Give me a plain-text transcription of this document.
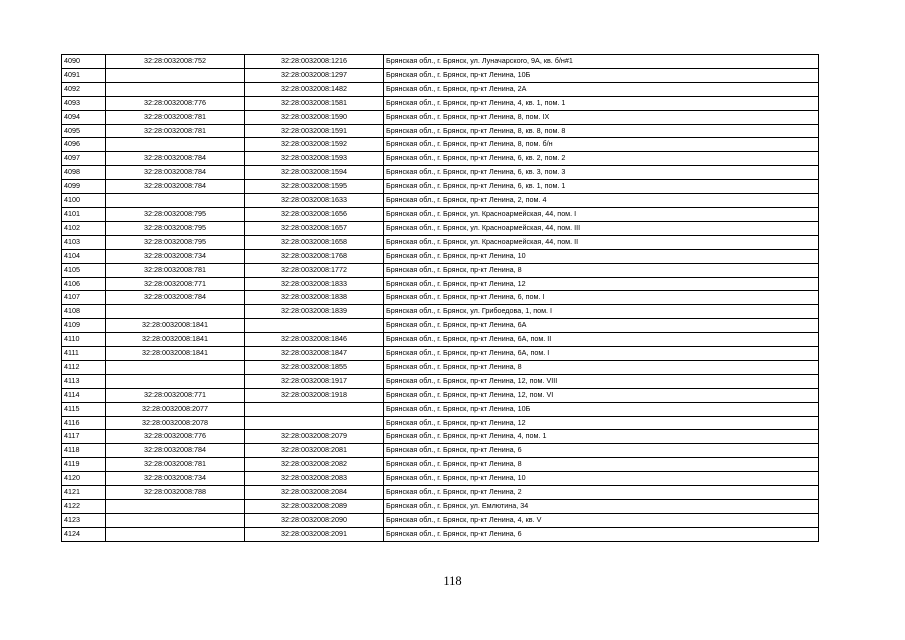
4090	32:28:0032008:752	32:28:0032008:1216	Брянская обл., г. Брянск, ул. Луначарского, 9А, кв. б/н#1
4091		32:28:0032008:1297	Брянская обл., г. Брянск, пр-кт Ленина, 10Б
4092		32:28:0032008:1482	Брянская обл., г. Брянск, пр-кт Ленина, 2А
4093	32:28:0032008:776	32:28:0032008:1581	Брянская обл., г. Брянск, пр-кт Ленина, 4, кв. 1, пом. 1
4094	32:28:0032008:781	32:28:0032008:1590	Брянская обл., г. Брянск, пр-кт Ленина, 8, пом. IX
4095	32:28:0032008:781	32:28:0032008:1591	Брянская обл., г. Брянск, пр-кт Ленина, 8, кв. 8, пом. 8
4096		32:28:0032008:1592	Брянская обл., г. Брянск, пр-кт Ленина, 8, пом. б/н
4097	32:28:0032008:784	32:28:0032008:1593	Брянская обл., г. Брянск, пр-кт Ленина, 6, кв. 2, пом. 2
4098	32:28:0032008:784	32:28:0032008:1594	Брянская обл., г. Брянск, пр-кт Ленина, 6, кв. 3, пом. 3
4099	32:28:0032008:784	32:28:0032008:1595	Брянская обл., г. Брянск, пр-кт Ленина, 6, кв. 1, пом. 1
4100		32:28:0032008:1633	Брянская обл., г. Брянск, пр-кт Ленина, 2, пом. 4
4101	32:28:0032008:795	32:28:0032008:1656	Брянская обл., г. Брянск, ул. Красноармейская, 44, пом. I
4102	32:28:0032008:795	32:28:0032008:1657	Брянская обл., г. Брянск, ул. Красноармейская, 44, пом. III
4103	32:28:0032008:795	32:28:0032008:1658	Брянская обл., г. Брянск, ул. Красноармейская, 44, пом. II
4104	32:28:0032008:734	32:28:0032008:1768	Брянская обл., г. Брянск, пр-кт Ленина, 10
4105	32:28:0032008:781	32:28:0032008:1772	Брянская обл., г. Брянск, пр-кт Ленина, 8
4106	32:28:0032008:771	32:28:0032008:1833	Брянская обл., г. Брянск, пр-кт Ленина, 12
4107	32:28:0032008:784	32:28:0032008:1838	Брянская обл., г. Брянск, пр-кт Ленина, 6, пом. I
4108		32:28:0032008:1839	Брянская обл., г. Брянск, ул. Грибоедова, 1, пом. I
4109	32:28:0032008:1841		Брянская обл., г. Брянск, пр-кт Ленина, 6А
4110	32:28:0032008:1841	32:28:0032008:1846	Брянская обл., г. Брянск, пр-кт Ленина, 6А, пом. II
4111	32:28:0032008:1841	32:28:0032008:1847	Брянская обл., г. Брянск, пр-кт Ленина, 6А, пом. I
4112		32:28:0032008:1855	Брянская обл., г. Брянск, пр-кт Ленина, 8
4113		32:28:0032008:1917	Брянская обл., г. Брянск, пр-кт Ленина, 12, пом. VIII
4114	32:28:0032008:771	32:28:0032008:1918	Брянская обл., г. Брянск, пр-кт Ленина, 12, пом. VI
4115	32:28:0032008:2077		Брянская обл., г. Брянск, пр-кт Ленина, 10Б
4116	32:28:0032008:2078		Брянская обл., г. Брянск, пр-кт Ленина, 12
4117	32:28:0032008:776	32:28:0032008:2079	Брянская обл., г. Брянск, пр-кт Ленина, 4, пом. 1
4118	32:28:0032008:784	32:28:0032008:2081	Брянская обл., г. Брянск, пр-кт Ленина, 6
4119	32:28:0032008:781	32:28:0032008:2082	Брянская обл., г. Брянск, пр-кт Ленина, 8
4120	32:28:0032008:734	32:28:0032008:2083	Брянская обл., г. Брянск, пр-кт Ленина, 10
4121	32:28:0032008:788	32:28:0032008:2084	Брянская обл., г. Брянск, пр-кт Ленина, 2
4122		32:28:0032008:2089	Брянская обл., г. Брянск, ул. Емлютина, 34
4123		32:28:0032008:2090	Брянская обл., г. Брянск, пр-кт Ленина, 4, кв. V
4124		32:28:0032008:2091	Брянская обл., г. Брянск, пр-кт Ленина, 6
118
